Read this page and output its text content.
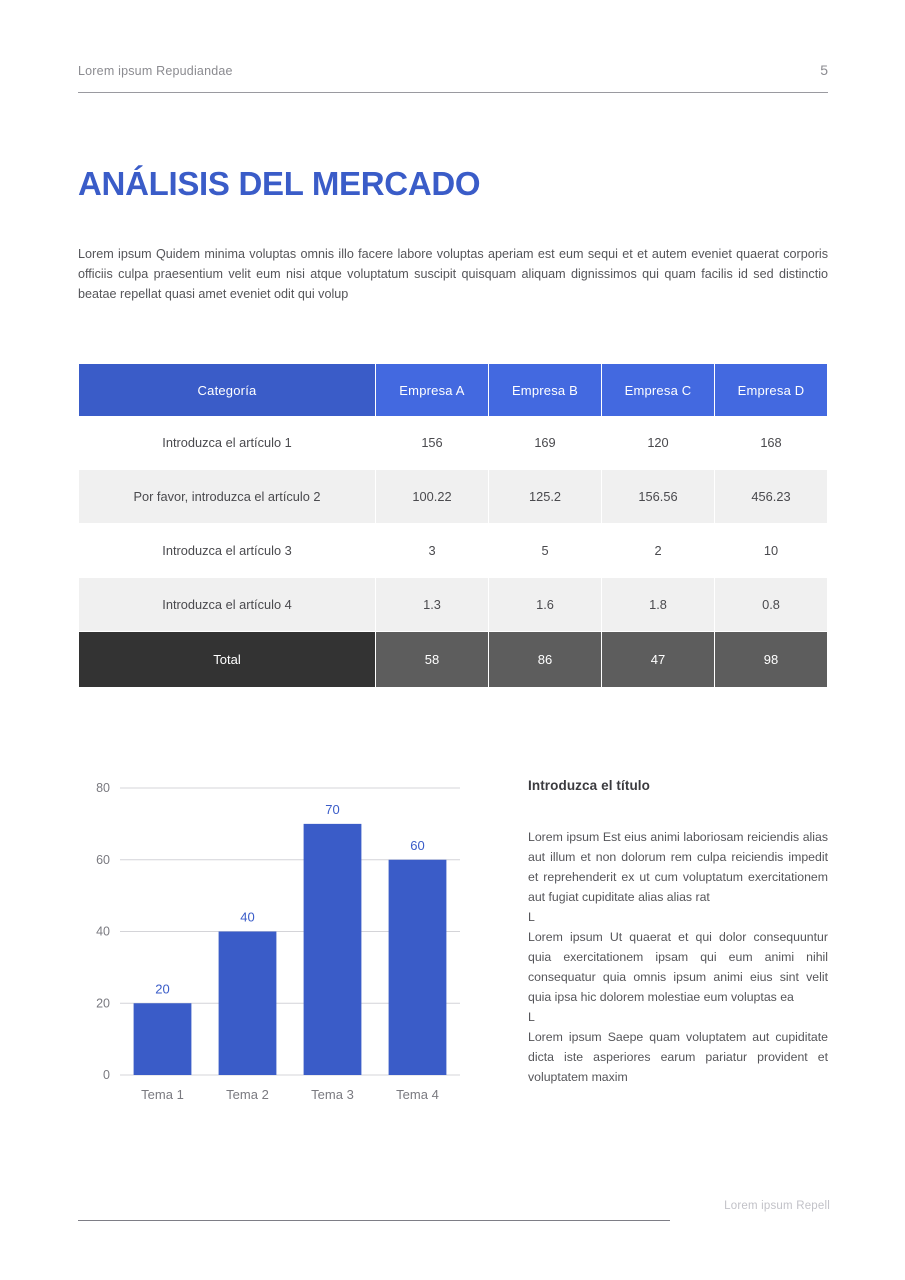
Lorem ipsum Repudiandae	5
ANÁLISIS DEL MERCADO

Lorem ipsum Quidem minima voluptas omnis illo facere labore voluptas aperiam est eum sequi et et autem eveniet quaerat corporis officiis culpa praesentium velit eum nisi atque voluptatum suscipit quisquam aliquam dignissimos qui quam facilis id sed distinctio beatae repellat quasi amet eveniet odit qui volup

Categoría	Empresa A	Empresa B	Empresa C	Empresa D
Introduzca el artículo 1	156	169	120	168
Por favor, introduzca el artículo 2	100.22	125.2	156.56	456.23
Introduzca el artículo 3	3	5	2	10
Introduzca el artículo 4	1.3	1.6	1.8	0.8
Total	58	86	47	98
0
20
40
60
80
20
Tema 1
40
Tema 2
70
Tema 3
60
Tema 4
Introduzca el título

Lorem ipsum Est eius animi laboriosam reiciendis alias aut illum et non dolorum rem culpa reiciendis impedit et reprehenderit ex ut cum voluptatum exercitationem aut fugiat cupiditate alias alias rat

L

Lorem ipsum Ut quaerat et qui dolor consequuntur quia exercitationem ipsam qui eum animi nihil consequatur quia omnis ipsum animi eius sint velit quia ipsa hic dolorem molestiae eum voluptas ea

L

Lorem ipsum Saepe quam voluptatem aut cupiditate dicta iste asperiores earum pariatur provident et voluptatem maxim

Lorem ipsum Repell
